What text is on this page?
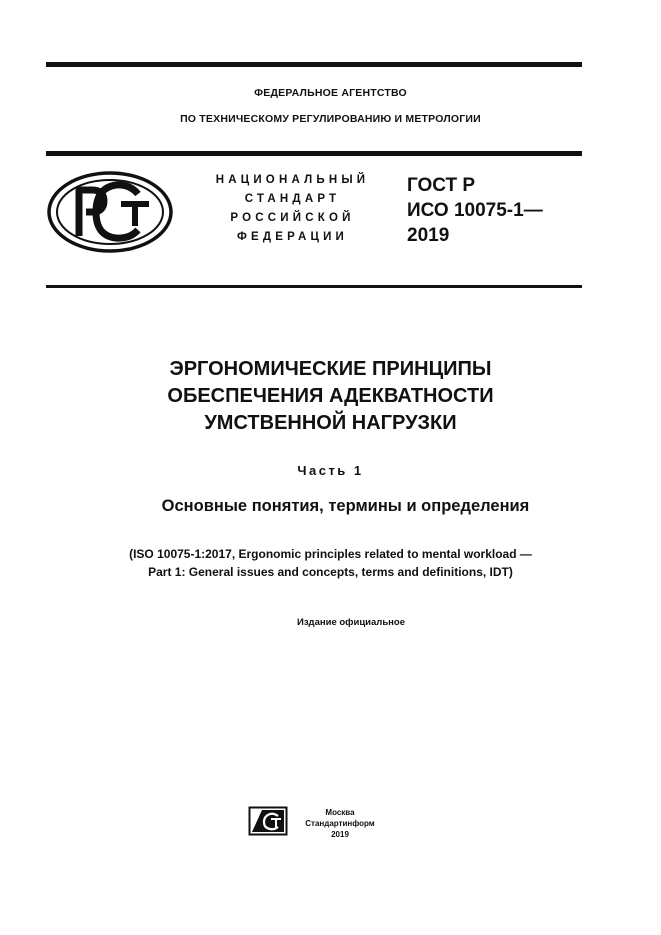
ФЕДЕРАЛЬНОЕ АГЕНТСТВО
ПО ТЕХНИЧЕСКОМУ РЕГУЛИРОВАНИЮ И МЕТРОЛОГИИ
НАЦИОНАЛЬНЫЙ
СТАНДАРТ
РОССИЙСКОЙ
ФЕДЕРАЦИИ
ГОСТ Р
ИСО 10075-1—
2019
ЭРГОНОМИЧЕСКИЕ ПРИНЦИПЫ
ОБЕСПЕЧЕНИЯ АДЕКВАТНОСТИ
УМСТВЕННОЙ НАГРУЗКИ
Часть 1
Основные понятия, термины и определения
(ISO 10075-1:2017, Ergonomic principles related to mental workload —
Part 1: General issues and concepts, terms and definitions, IDT)
Издание официальное
Москва
Стандартинформ
2019
